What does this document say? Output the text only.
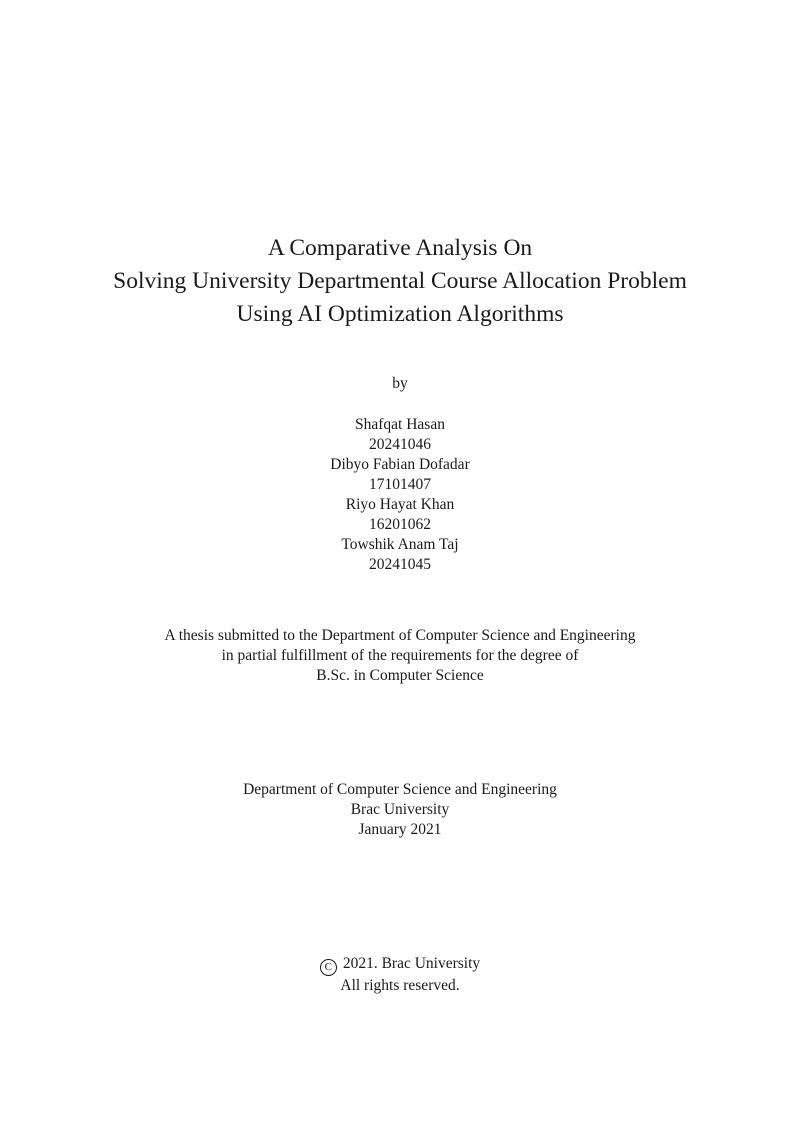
A Comparative Analysis On
Solving University Departmental Course Allocation Problem
Using AI Optimization Algorithms
by
Shafqat Hasan
20241046
Dibyo Fabian Dofadar
17101407
Riyo Hayat Khan
16201062
Towshik Anam Taj
20241045
A thesis submitted to the Department of Computer Science and Engineering
in partial fulfillment of the requirements for the degree of
B.Sc. in Computer Science
Department of Computer Science and Engineering
Brac University
January 2021
C 2021. Brac University
All rights reserved.
